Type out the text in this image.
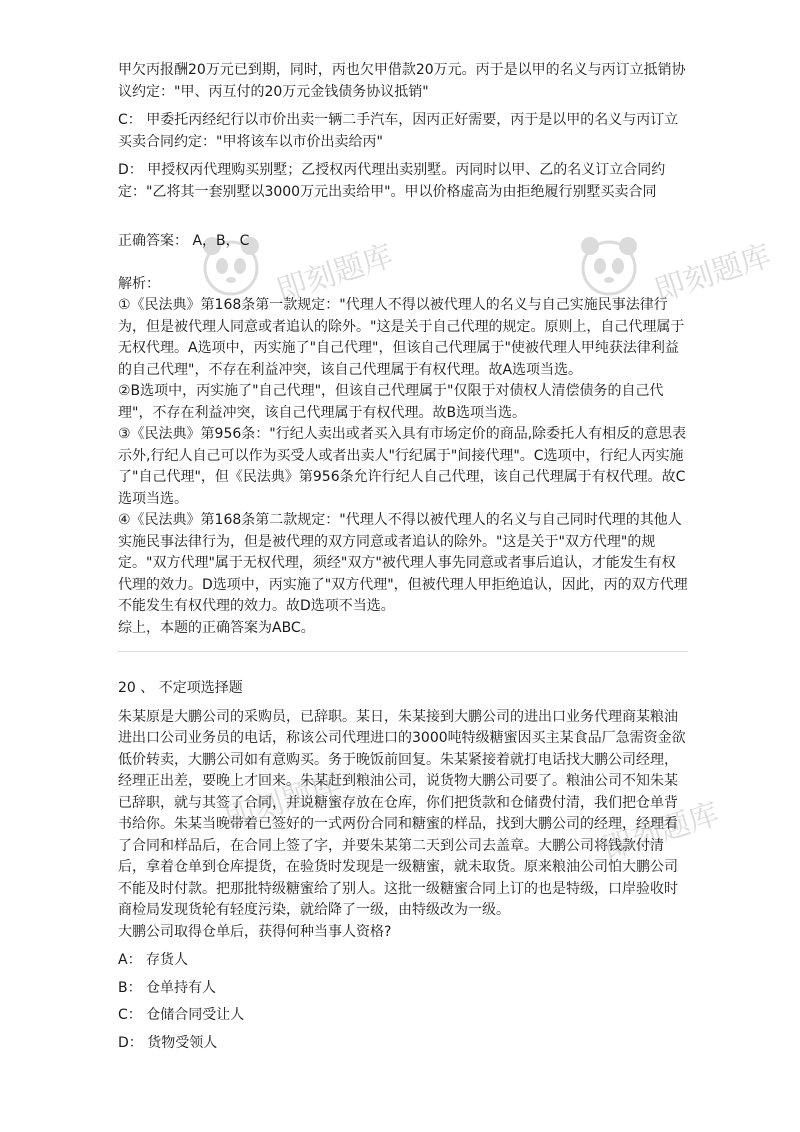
即刻题库	即刻题库
即刻题库	即刻题库

甲欠丙报酬20万元已到期，同时，丙也欠甲借款20万元。丙于是以甲的名义与丙订立抵销协议约定："甲、丙互付的20万元金钱债务协议抵销"

C： 甲委托丙经纪行以市价出卖一辆二手汽车，因丙正好需要，丙于是以甲的名义与丙订立买卖合同约定："甲将该车以市价出卖给丙"

D： 甲授权丙代理购买别墅；乙授权丙代理出卖别墅。丙同时以甲、乙的名义订立合同约定："乙将其一套别墅以3000万元出卖给甲"。甲以价格虚高为由拒绝履行别墅买卖合同

正确答案： A，B，C

解析：

①《民法典》第168条第一款规定："代理人不得以被代理人的名义与自己实施民事法律行为，但是被代理人同意或者追认的除外。"这是关于自己代理的规定。原则上，自己代理属于无权代理。A选项中，丙实施了"自己代理"，但该自己代理属于"使被代理人甲纯获法律利益的自己代理"，不存在利益冲突，该自己代理属于有权代理。故A选项当选。

②B选项中，丙实施了"自己代理"，但该自己代理属于"仅限于对债权人清偿债务的自己代理"，不存在利益冲突，该自己代理属于有权代理。故B选项当选。

③《民法典》第956条："行纪人卖出或者买入具有市场定价的商品,除委托人有相反的意思表示外,行纪人自己可以作为买受人或者出卖人"行纪属于"间接代理"。C选项中，行纪人丙实施了"自己代理"，但《民法典》第956条允许行纪人自己代理，该自己代理属于有权代理。故C选项当选。

④《民法典》第168条第二款规定："代理人不得以被代理人的名义与自己同时代理的其他人实施民事法律行为，但是被代理的双方同意或者追认的除外。"这是关于"双方代理"的规定。"双方代理"属于无权代理，须经"双方"被代理人事先同意或者事后追认，才能发生有权代理的效力。D选项中，丙实施了"双方代理"，但被代理人甲拒绝追认，因此，丙的双方代理不能发生有权代理的效力。故D选项不当选。

综上，本题的正确答案为ABC。

20 、 不定项选择题

朱某原是大鹏公司的采购员，已辞职。某日，朱某接到大鹏公司的进出口业务代理商某粮油进出口公司业务员的电话，称该公司代理进口的3000吨特级糖蜜因买主某食品厂急需资金欲低价转卖，大鹏公司如有意购买。务于晚饭前回复。朱某紧接着就打电话找大鹏公司经理，经理正出差，要晚上才回来。朱某赶到粮油公司，说货物大鹏公司要了。粮油公司不知朱某已辞职，就与其签了合同，并说糖蜜存放在仓库，你们把货款和仓储费付清，我们把仓单背书给你。朱某当晚带着已签好的一式两份合同和糖蜜的样品，找到大鹏公司的经理，经理看了合同和样品后，在合同上签了字，并要朱某第二天到公司去盖章。大鹏公司将钱款付清后，拿着仓单到仓库提货，在验货时发现是一级糖蜜，就未取货。原来粮油公司怕大鹏公司不能及时付款。把那批特级糖蜜给了别人。这批一级糖蜜合同上订的也是特级，口岸验收时商检局发现货轮有轻度污染，就给降了一级，由特级改为一级。

大鹏公司取得仓单后，获得何种当事人资格?

A： 存货人

B： 仓单持有人

C： 仓储合同受让人

D： 货物受领人
